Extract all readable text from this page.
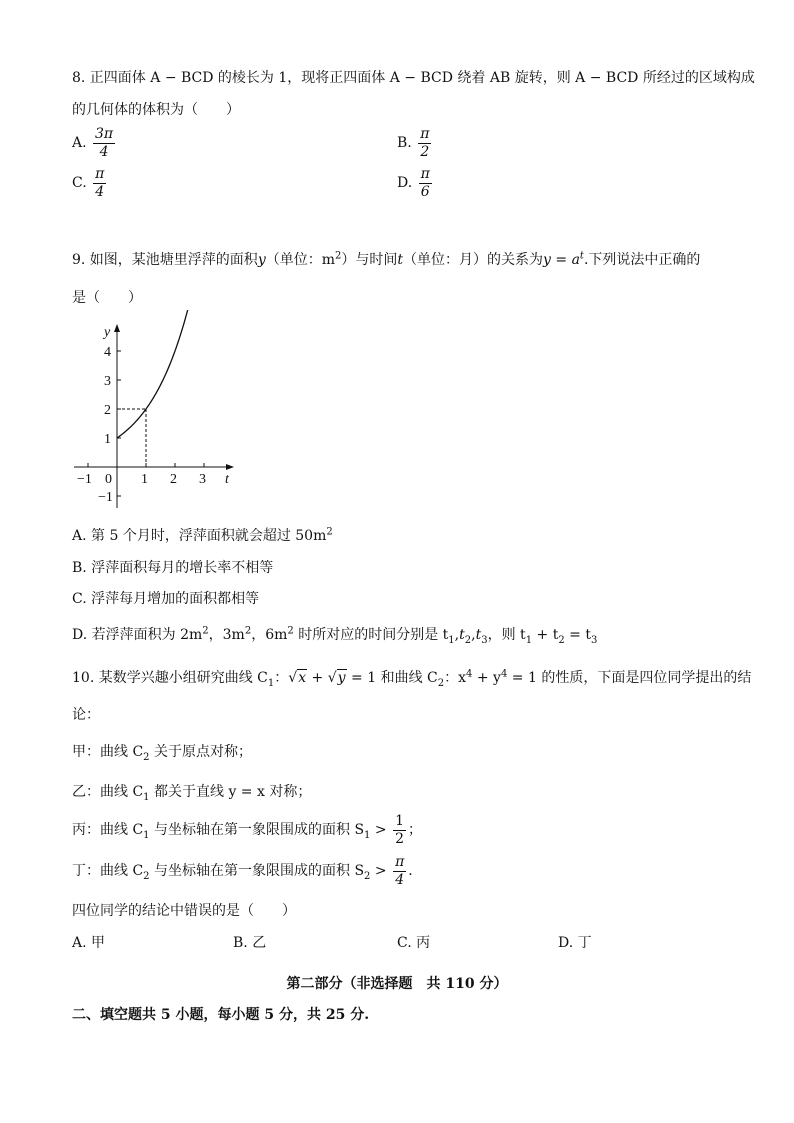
8. 正四面体 A − BCD 的棱长为 1，现将正四面体 A − BCD 绕着 AB 旋转，则 A − BCD 所经过的区域构成
的几何体的体积为（　　）
A. $\frac{3\pi}{4}$	B. $\frac{\pi}{2}$
C. $\frac{\pi}{4}$	D. $\frac{\pi}{6}$
9. 如图，某池塘里浮萍的面积y（单位：$m^2$）与时间t（单位：月）的关系为$y = a^t$.下列说法中正确的
是（　　）
y
t
−1 0 1 2 3
4
3
2
1
−1
A. 第 5 个月时，浮萍面积就会超过 $50m^2$
B. 浮萍面积每月的增长率不相等
C. 浮萍每月增加的面积都相等
D. 若浮萍面积为 $2m^2$，$3m^2$，$6m^2$ 时所对应的时间分别是 $t_1,t_2,t_3$，则 $t_1 + t_2 = t_3$
10. 某数学兴趣小组研究曲线 $C_1$：√x + √y = 1 和曲线 $C_2$：$x^4 + y^4 = 1$ 的性质，下面是四位同学提出的结
论：
甲：曲线 $C_2$ 关于原点对称；
乙：曲线 $C_1$ 都关于直线 y = x 对称；
丙：曲线 $C_1$ 与坐标轴在第一象限围成的面积 $S_1 > \frac{1}{2}$ ；
丁：曲线 $C_2$ 与坐标轴在第一象限围成的面积 $S_2 > \frac{\pi}{4}$ .
四位同学的结论中错误的是（　　）
A. 甲	B. 乙	C. 丙	D. 丁
第二部分（非选择题　共 110 分）
二、填空题共 5 小题，每小题 5 分，共 25 分.
